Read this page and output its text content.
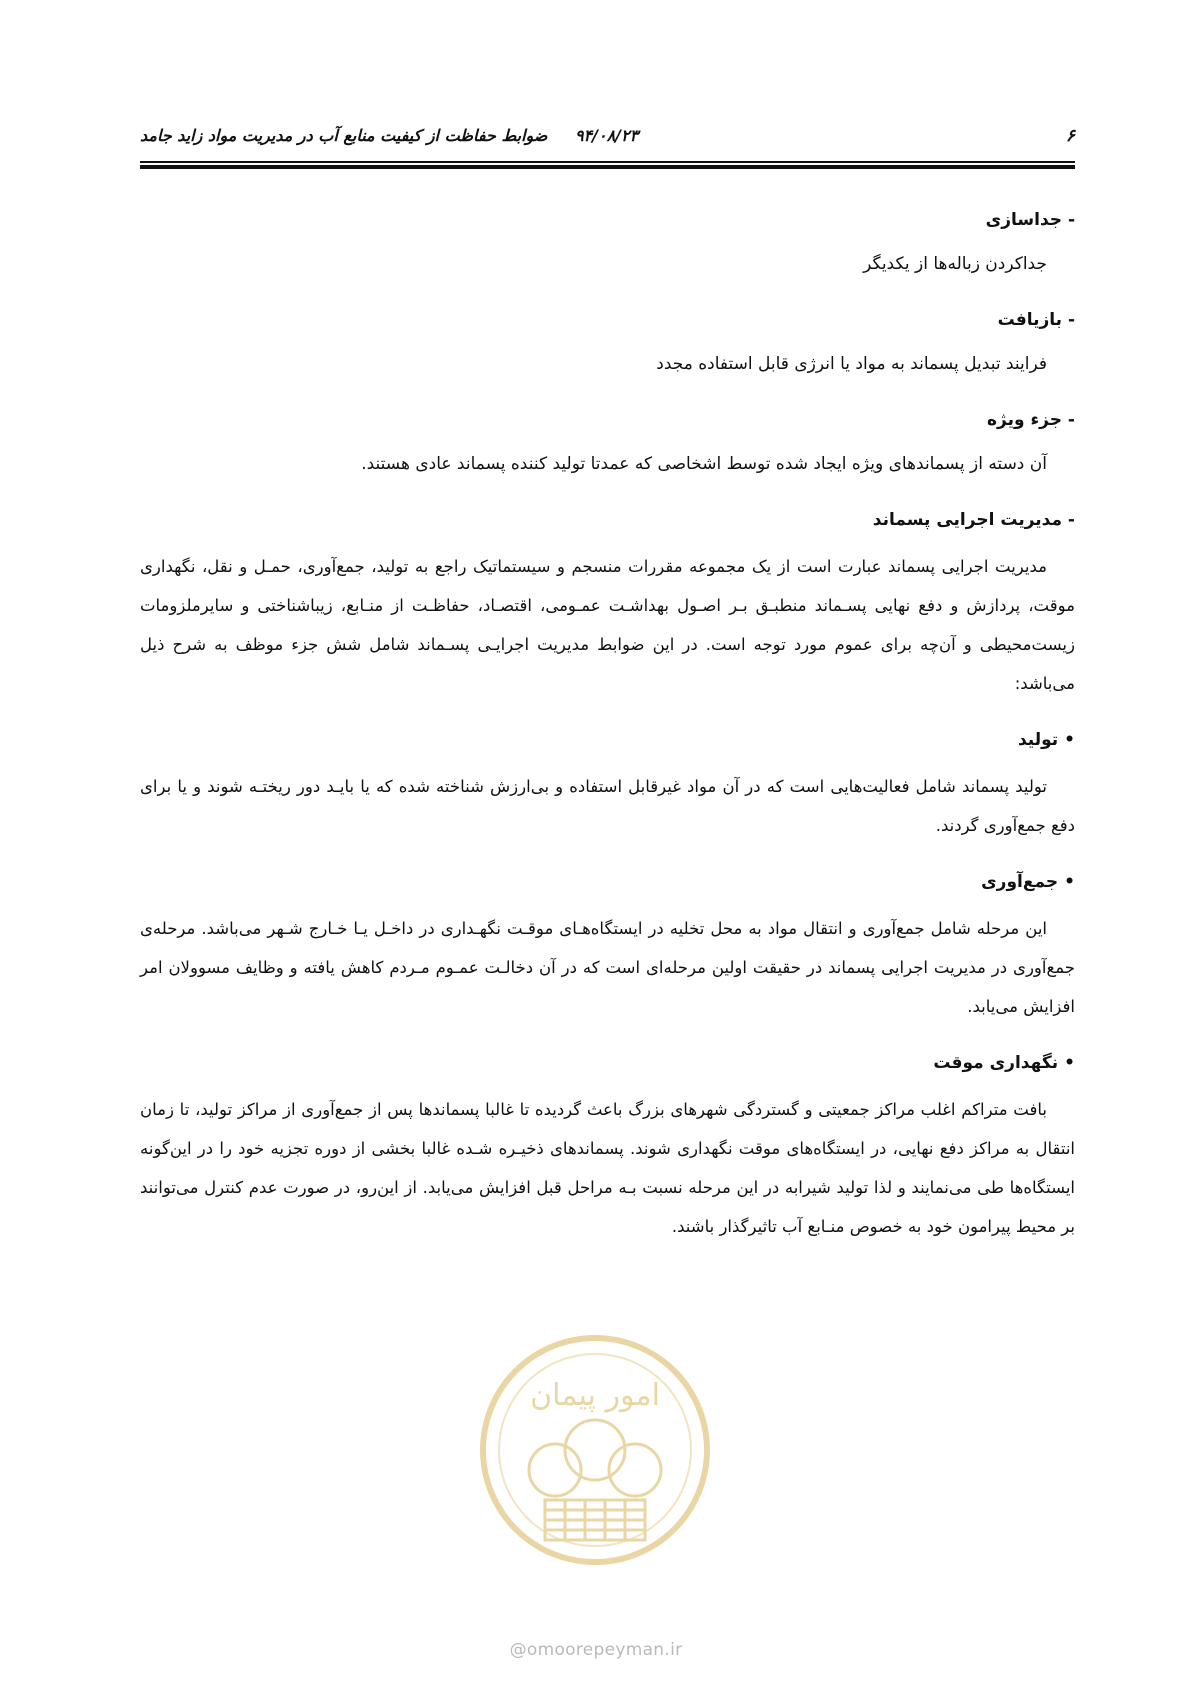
۶
۹۴/۰۸/۲۳ ضوابط حفاظت از کیفیت منابع آب در مدیریت مواد زاید جامد

- جداسازی

جداکردن زباله‌ها از یکدیگر

- بازیافت

فرایند تبدیل پسماند به مواد یا انرژی قابل استفاده مجدد

- جزء ویژه

آن دسته از پسماندهای ویژه ایجاد شده توسط اشخاصی که عمدتا تولید کننده پسماند عادی هستند.

- مدیریت اجرایی پسماند

مدیریت اجرایی پسماند عبارت است از یک مجموعه مقررات منسجم و سیستماتیک راجع به تولید، جمع‌آوری، حمـل و نقل، نگهداری موقت، پردازش و دفع نهایی پسـماند منطبـق بـر اصـول بهداشـت عمـومی، اقتصـاد، حفاظـت از منـابع، زیباشناختی و سایرملزومات زیست‌محیطی و آن‌چه برای عموم مورد توجه است. در این ضوابط مدیریت اجرایـی پسـماند شامل شش جزء موظف به شرح ذیل می‌باشد:

•تولید

تولید پسماند شامل فعالیت‌هایی است که در آن مواد غیرقابل استفاده و بی‌ارزش شناخته شده که یا بایـد دور ریختـه شوند و یا برای دفع جمع‌آوری گردند.

•جمع‌آوری

این مرحله شامل جمع‌آوری و انتقال مواد به محل تخلیه در ایستگاه‌هـای موقـت نگهـداری در داخـل یـا خـارج شـهر می‌باشد. مرحله‌ی جمع‌آوری در مدیریت اجرایی پسماند در حقیقت اولین مرحله‌ای است که در آن دخالـت عمـوم مـردم کاهش یافته و وظایف مسوولان امر افزایش می‌یابد.

•نگهداری موقت

بافت متراکم اغلب مراکز جمعیتی و گستردگی شهرهای بزرگ باعث گردیده تا غالبا پسماندها پس از جمع‌آوری از مراکز تولید، تا زمان انتقال به مراکز دفع نهایی، در ایستگاه‌های موقت نگهداری شوند. پسماندهای ذخیـره شـده غالبا بخشی از دوره تجزیه خود را در این‌گونه ایستگاه‌ها طی می‌نمایند و لذا تولید شیرابه در این مرحله نسبت بـه مراحل قبل افزایش می‌یابد. از این‌رو، در صورت عدم کنترل می‌توانند بر محیط پیرامون خود به خصوص منـابع آب تاثیرگذار باشند.

امور پیمان
@omoorepeyman.ir
